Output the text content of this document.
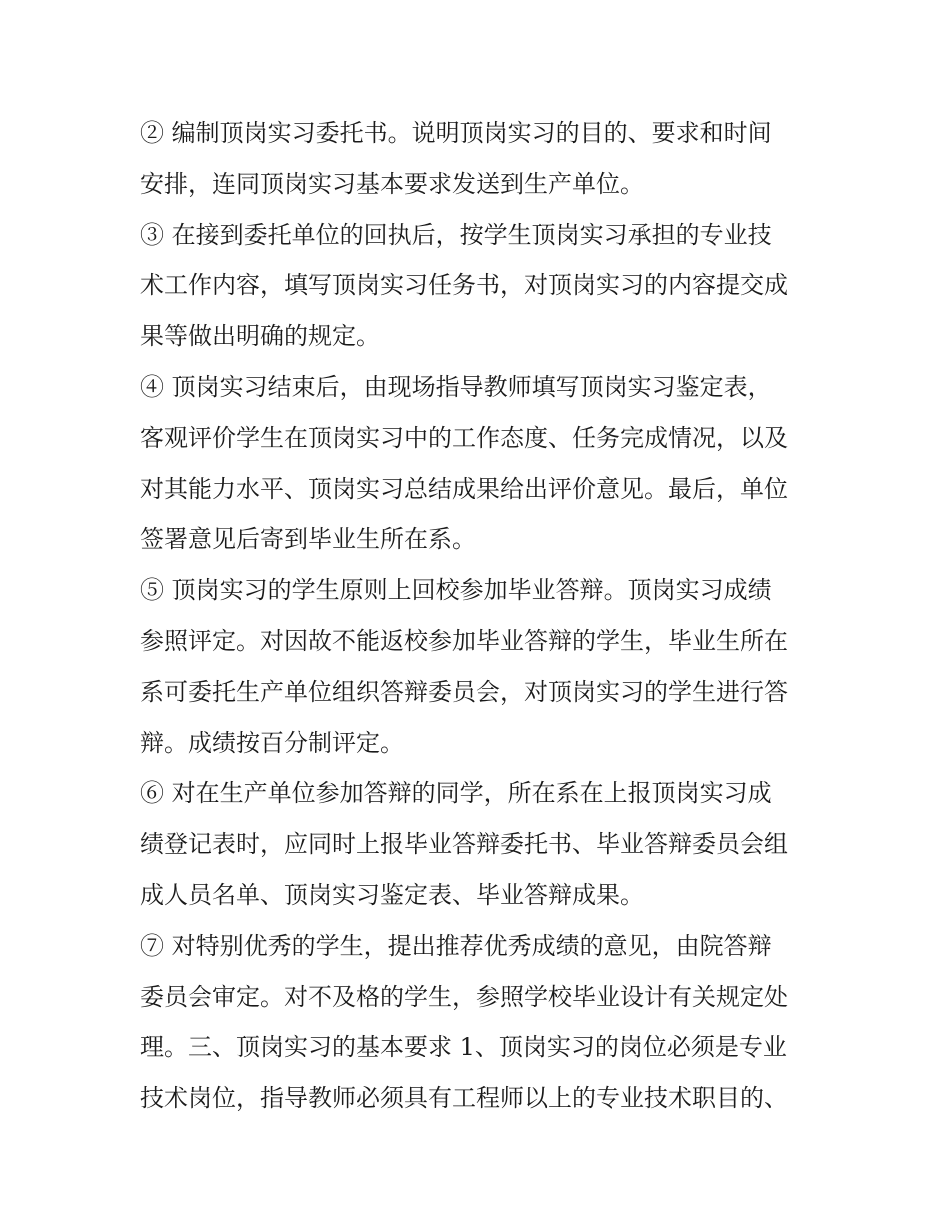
② 编制顶岗实习委托书。说明顶岗实习的目的、要求和时间
安排，连同顶岗实习基本要求发送到生产单位。
③ 在接到委托单位的回执后，按学生顶岗实习承担的专业技
术工作内容，填写顶岗实习任务书，对顶岗实习的内容提交成
果等做出明确的规定。
④ 顶岗实习结束后，由现场指导教师填写顶岗实习鉴定表，
客观评价学生在顶岗实习中的工作态度、任务完成情况，以及
对其能力水平、顶岗实习总结成果给出评价意见。最后，单位
签署意见后寄到毕业生所在系。
⑤ 顶岗实习的学生原则上回校参加毕业答辩。顶岗实习成绩
参照评定。对因故不能返校参加毕业答辩的学生，毕业生所在
系可委托生产单位组织答辩委员会，对顶岗实习的学生进行答
辩。成绩按百分制评定。
⑥ 对在生产单位参加答辩的同学，所在系在上报顶岗实习成
绩登记表时，应同时上报毕业答辩委托书、毕业答辩委员会组
成人员名单、顶岗实习鉴定表、毕业答辩成果。
⑦ 对特别优秀的学生，提出推荐优秀成绩的意见，由院答辩
委员会审定。对不及格的学生，参照学校毕业设计有关规定处
理。三、顶岗实习的基本要求 1、顶岗实习的岗位必须是专业
技术岗位，指导教师必须具有工程师以上的专业技术职目的、
